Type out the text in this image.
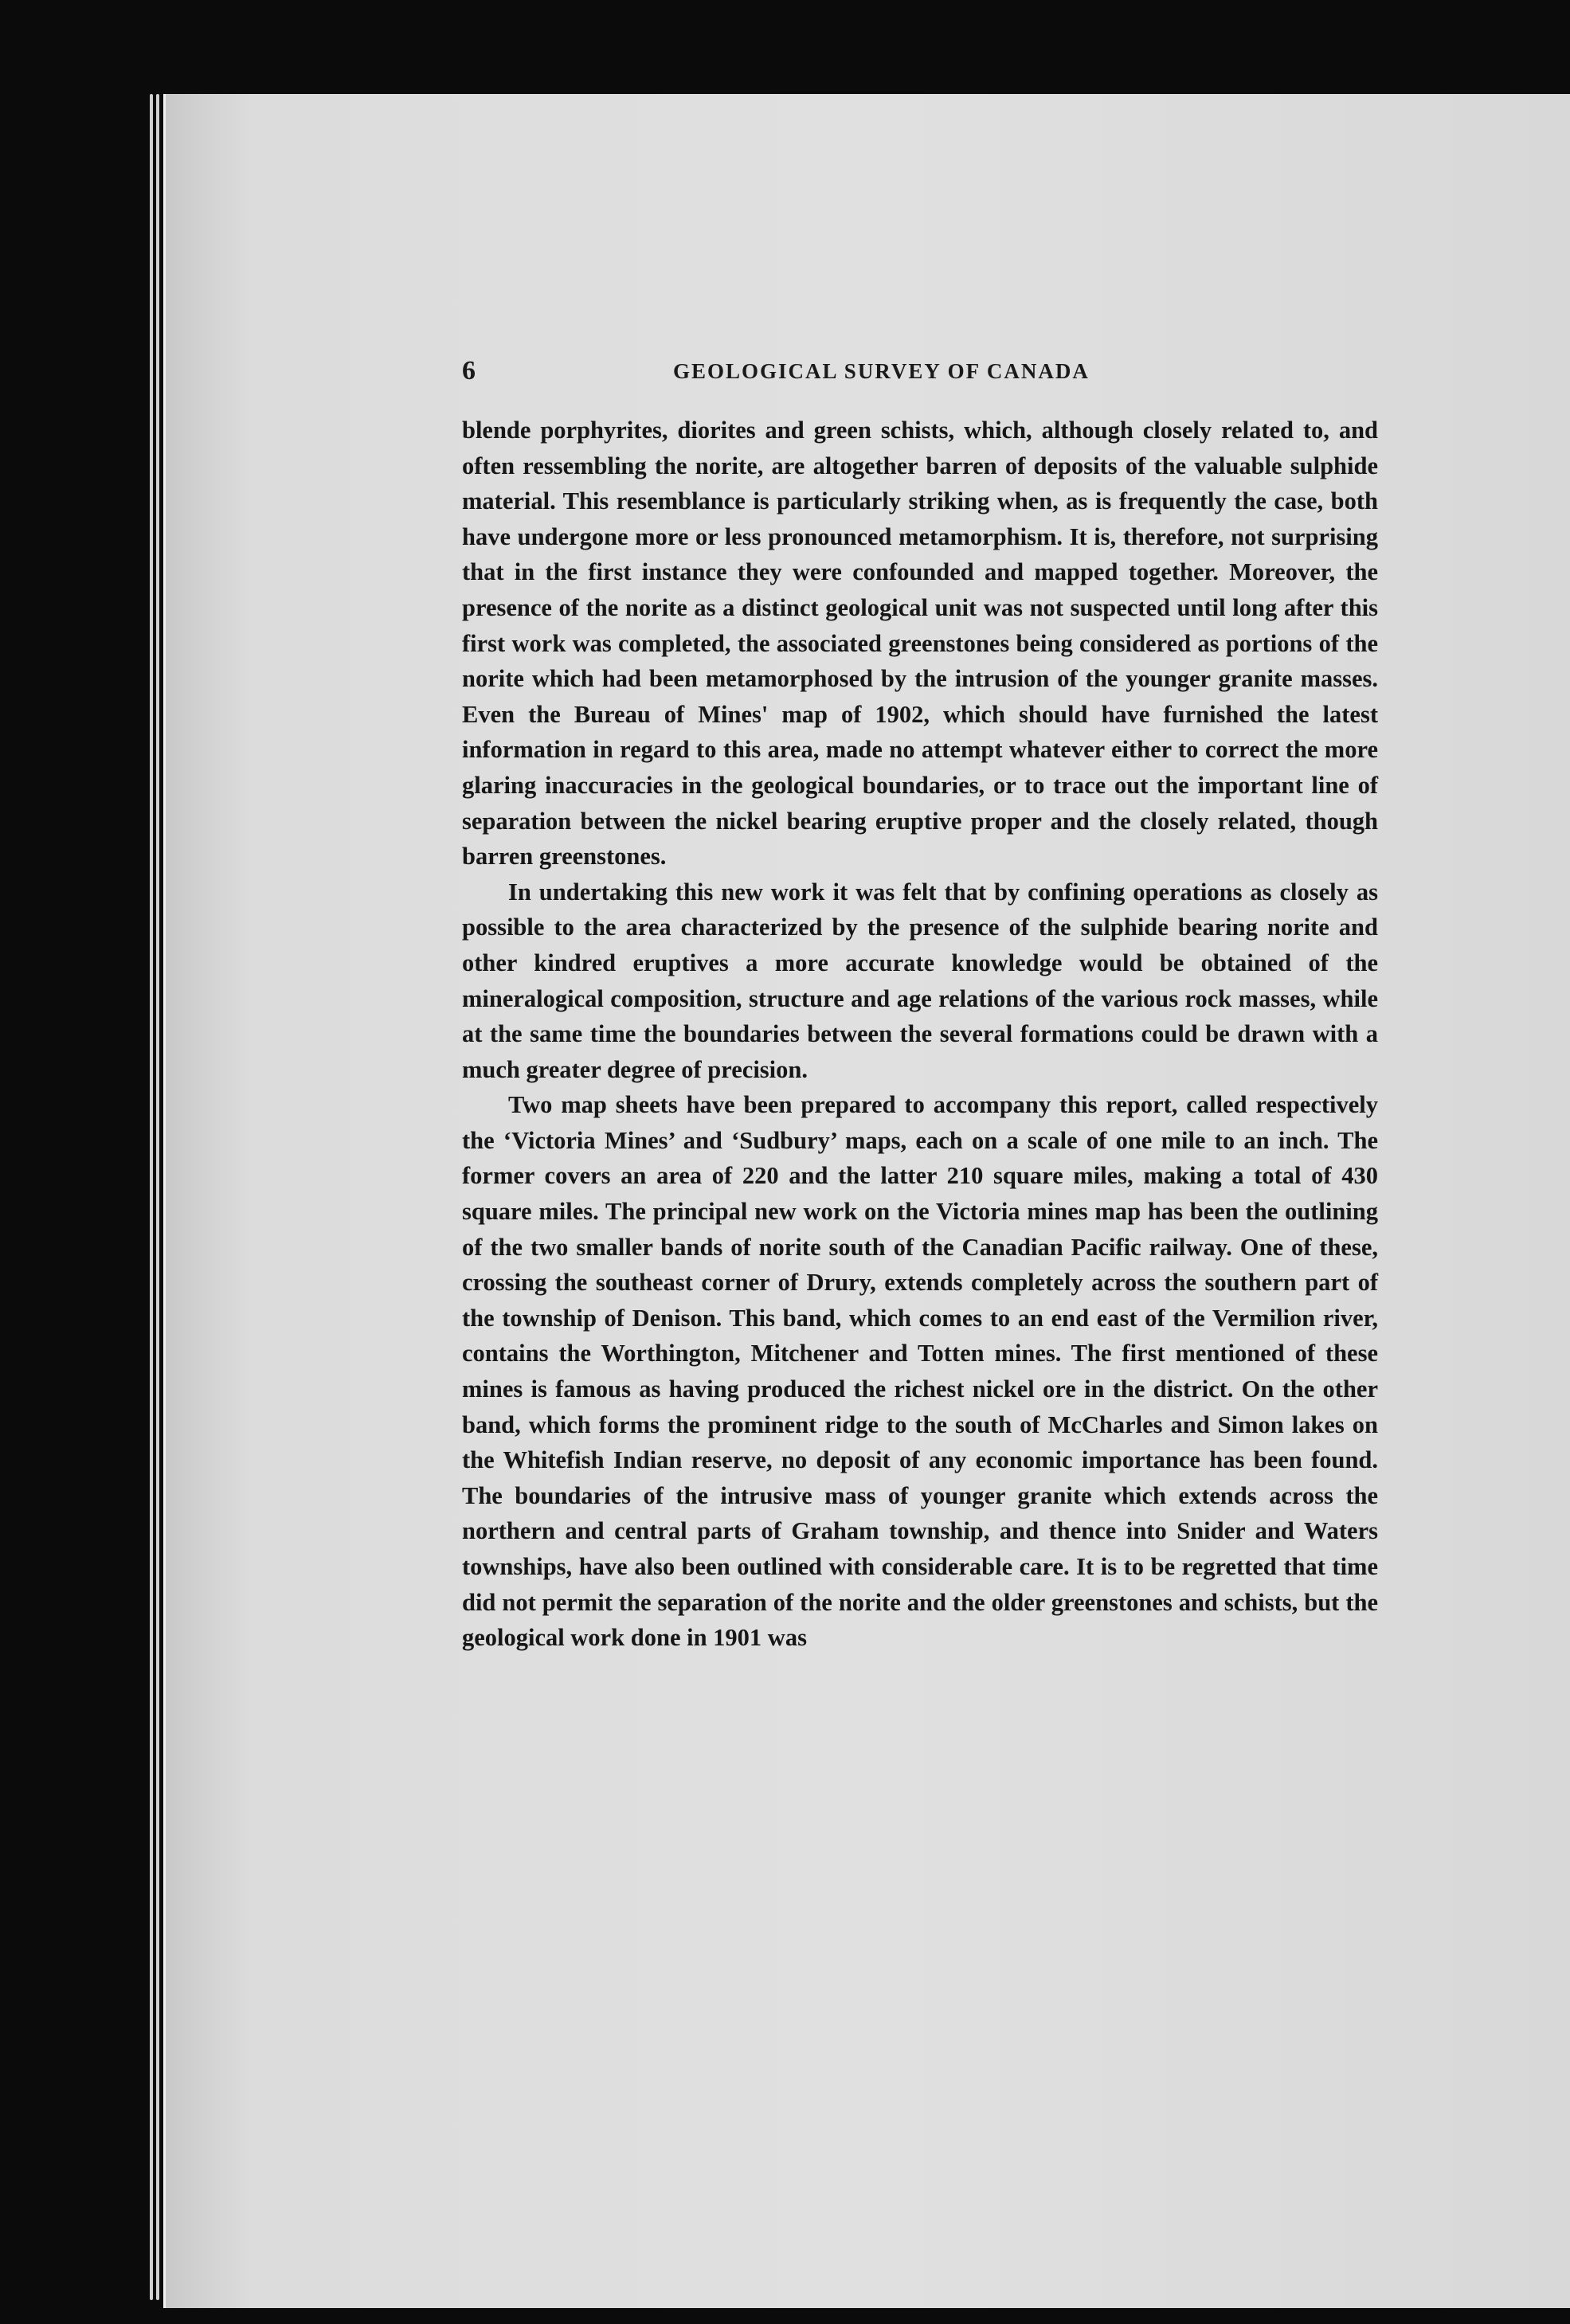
6	GEOLOGICAL SURVEY OF CANADA

blende porphyrites, diorites and green schists, which, although closely related to, and often ressembling the norite, are altogether barren of deposits of the valuable sulphide material. This resemblance is particularly striking when, as is frequently the case, both have undergone more or less pronounced metamorphism. It is, therefore, not surprising that in the first instance they were confounded and mapped together. Moreover, the presence of the norite as a distinct geological unit was not suspected until long after this first work was completed, the associated greenstones being considered as portions of the norite which had been metamorphosed by the intrusion of the younger granite masses. Even the Bureau of Mines' map of 1902, which should have furnished the latest information in regard to this area, made no attempt whatever either to correct the more glaring inaccuracies in the geological boundaries, or to trace out the important line of separation between the nickel bearing eruptive proper and the closely related, though barren greenstones.

In undertaking this new work it was felt that by confining operations as closely as possible to the area characterized by the presence of the sulphide bearing norite and other kindred eruptives a more accurate knowledge would be obtained of the mineralogical composition, structure and age relations of the various rock masses, while at the same time the boundaries between the several formations could be drawn with a much greater degree of precision.

Two map sheets have been prepared to accompany this report, called respectively the ‘Victoria Mines’ and ‘Sudbury’ maps, each on a scale of one mile to an inch. The former covers an area of 220 and the latter 210 square miles, making a total of 430 square miles. The principal new work on the Victoria mines map has been the outlining of the two smaller bands of norite south of the Canadian Pacific railway. One of these, crossing the southeast corner of Drury, extends completely across the southern part of the township of Denison. This band, which comes to an end east of the Vermilion river, contains the Worthington, Mitchener and Totten mines. The first mentioned of these mines is famous as having produced the richest nickel ore in the district. On the other band, which forms the prominent ridge to the south of McCharles and Simon lakes on the Whitefish Indian reserve, no deposit of any economic importance has been found. The boundaries of the intrusive mass of younger granite which extends across the northern and central parts of Graham township, and thence into Snider and Waters townships, have also been outlined with considerable care. It is to be regretted that time did not permit the separation of the norite and the older greenstones and schists, but the geological work done in 1901 was
